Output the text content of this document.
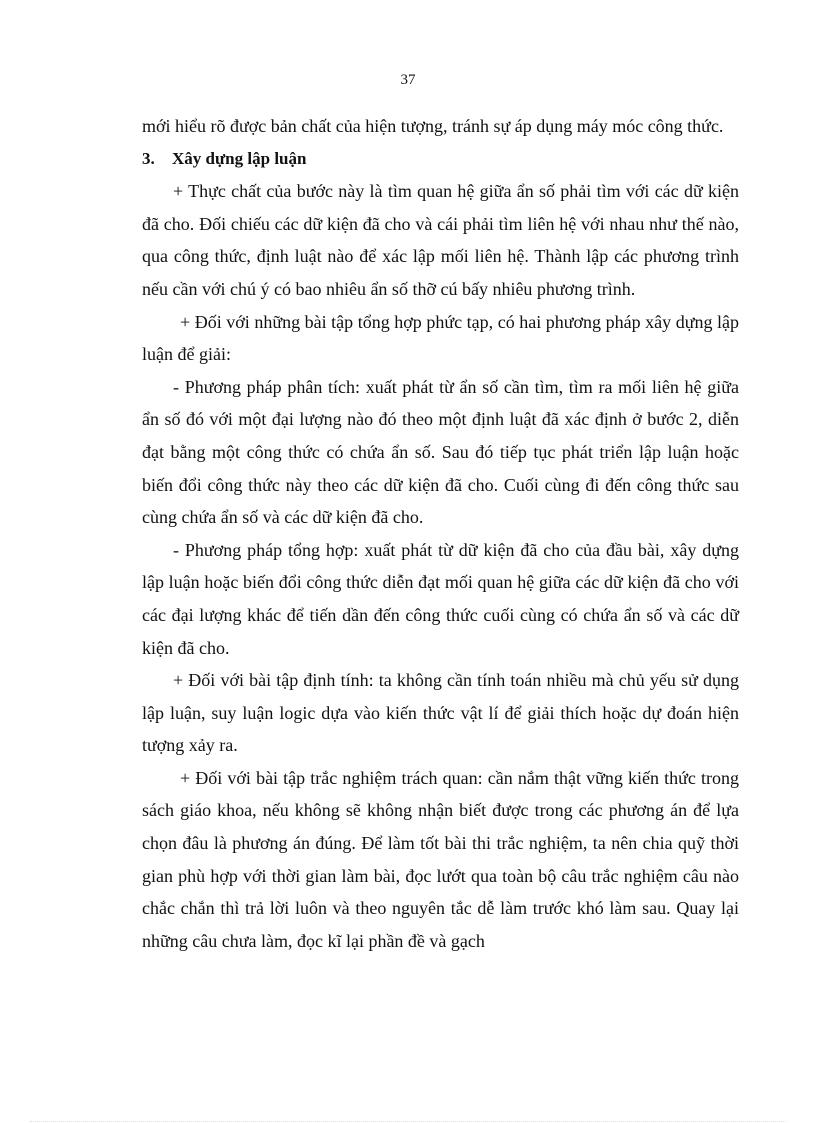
37

mới hiểu rõ được bản chất của hiện tượng, tránh sự áp dụng máy móc công thức.

3. Xây dựng lập luận

+ Thực chất của bước này là tìm quan hệ giữa ẩn số phải tìm với các dữ kiện đã cho. Đối chiếu các dữ kiện đã cho và cái phải tìm liên hệ với nhau như thế nào, qua công thức, định luật nào để xác lập mối liên hệ. Thành lập các phương trình nếu cần với chú ý có bao nhiêu ẩn số thỡ cú bấy nhiêu phương trình.

+ Đối với những bài tập tổng hợp phức tạp, có hai phương pháp xây dựng lập luận để giải:

- Phương pháp phân tích: xuất phát từ ẩn số cần tìm, tìm ra mối liên hệ giữa ẩn số đó với một đại lượng nào đó theo một định luật đã xác định ở bước 2, diễn đạt bằng một công thức có chứa ẩn số. Sau đó tiếp tục phát triển lập luận hoặc biến đổi công thức này theo các dữ kiện đã cho. Cuối cùng đi đến công thức sau cùng chứa ẩn số và các dữ kiện đã cho.

- Phương pháp tổng hợp: xuất phát từ dữ kiện đã cho của đầu bài, xây dựng lập luận hoặc biến đổi công thức diễn đạt mối quan hệ giữa các dữ kiện đã cho với các đại lượng khác để tiến dần đến công thức cuối cùng có chứa ẩn số và các dữ kiện đã cho.

+ Đối với bài tập định tính: ta không cần tính toán nhiều mà chủ yếu sử dụng lập luận, suy luận logic dựa vào kiến thức vật lí để giải thích hoặc dự đoán hiện tượng xảy ra.

+ Đối với bài tập trắc nghiệm trách quan: cần nắm thật vững kiến thức trong sách giáo khoa, nếu không sẽ không nhận biết được trong các phương án để lựa chọn đâu là phương án đúng. Để làm tốt bài thi trắc nghiệm, ta nên chia quỹ thời gian phù hợp với thời gian làm bài, đọc lướt qua toàn bộ câu trắc nghiệm câu nào chắc chắn thì trả lời luôn và theo nguyên tắc dễ làm trước khó làm sau. Quay lại những câu chưa làm, đọc kĩ lại phần đề và gạch
